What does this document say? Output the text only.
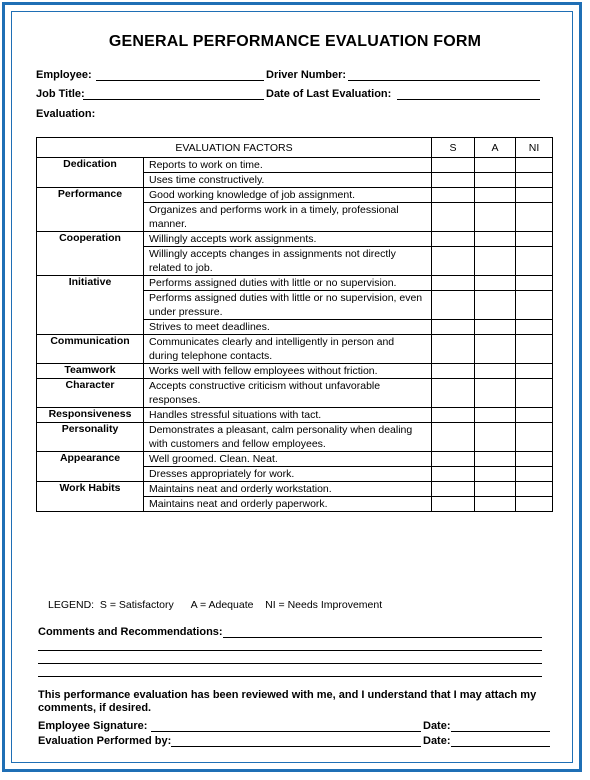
GENERAL PERFORMANCE EVALUATION FORM
Employee:	Driver Number:
Job Title:	Date of Last Evaluation:
Evaluation:
EVALUATION FACTORS		S	A	NI
Dedication	Reports to work on time.			
	Uses time constructively.			
Performance	Good working knowledge of job assignment.			
	Organizes and performs work in a timely, professional manner.			
Cooperation	Willingly accepts work assignments.			
	Willingly accepts changes in assignments not directly related to job.			
Initiative	Performs assigned duties with little or no supervision.			
	Performs assigned duties with little or no supervision, even under pressure.			
	Strives to meet deadlines.			
Communication	Communicates clearly and intelligently in person and during telephone contacts.			
Teamwork	Works well with fellow employees without friction.			
Character	Accepts constructive criticism without unfavorable responses.			
Responsiveness	Handles stressful situations with tact.			
Personality	Demonstrates a pleasant, calm personality when dealing with customers and fellow employees.			
Appearance	Well groomed. Clean. Neat.			
	Dresses appropriately for work.			
Work Habits	Maintains neat and orderly workstation.			
	Maintains neat and orderly paperwork.			
LEGEND:  S = Satisfactory      A = Adequate    NI = Needs Improvement
Comments and Recommendations:
This performance evaluation has been reviewed with me, and I understand that I may attach my comments, if desired.
Employee Signature:	Date:
Evaluation Performed by:	Date:
